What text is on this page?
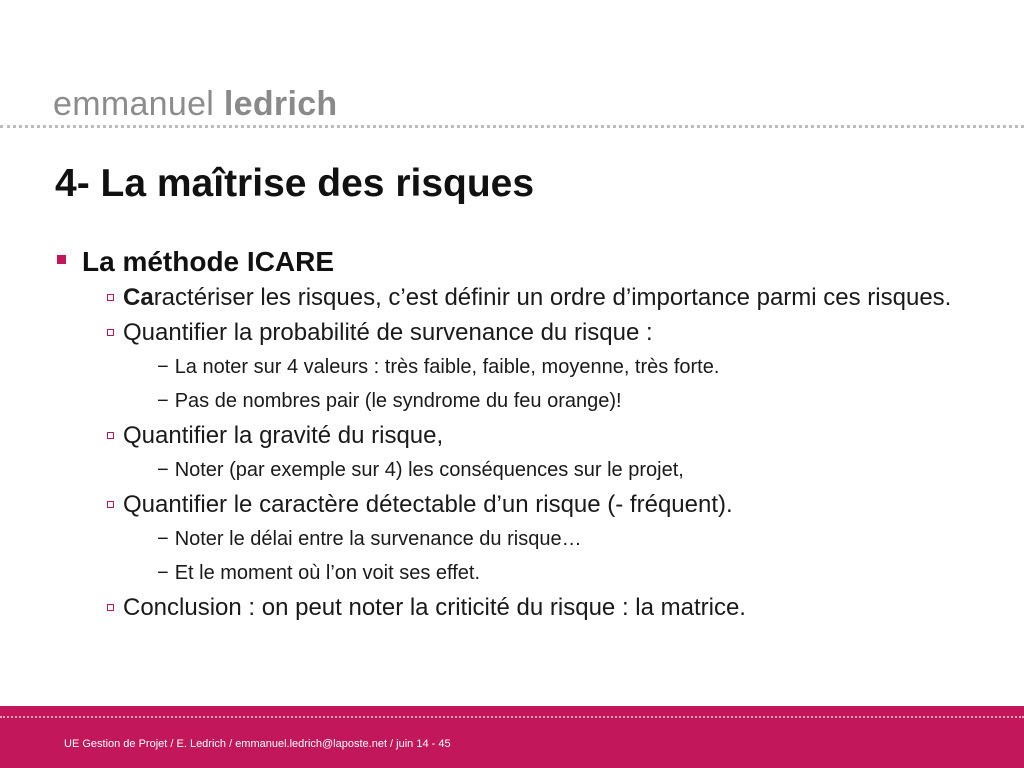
emmanuel ledrich
4- La maîtrise des risques
La méthode ICARE
Caractériser les risques, c’est définir un ordre d’importance parmi ces risques.
Quantifier la probabilité de survenance du risque :
− La noter sur 4 valeurs : très faible, faible, moyenne, très forte.
− Pas de nombres pair (le syndrome du feu orange)!
Quantifier la gravité du risque,
− Noter (par exemple sur 4) les conséquences sur le projet,
Quantifier le caractère détectable d’un risque (- fréquent).
− Noter le délai entre la survenance du risque…
− Et le moment où l’on voit ses effet.
Conclusion : on peut noter la criticité du risque : la matrice.
UE Gestion de Projet / E. Ledrich / emmanuel.ledrich@laposte.net / juin 14 - 45
